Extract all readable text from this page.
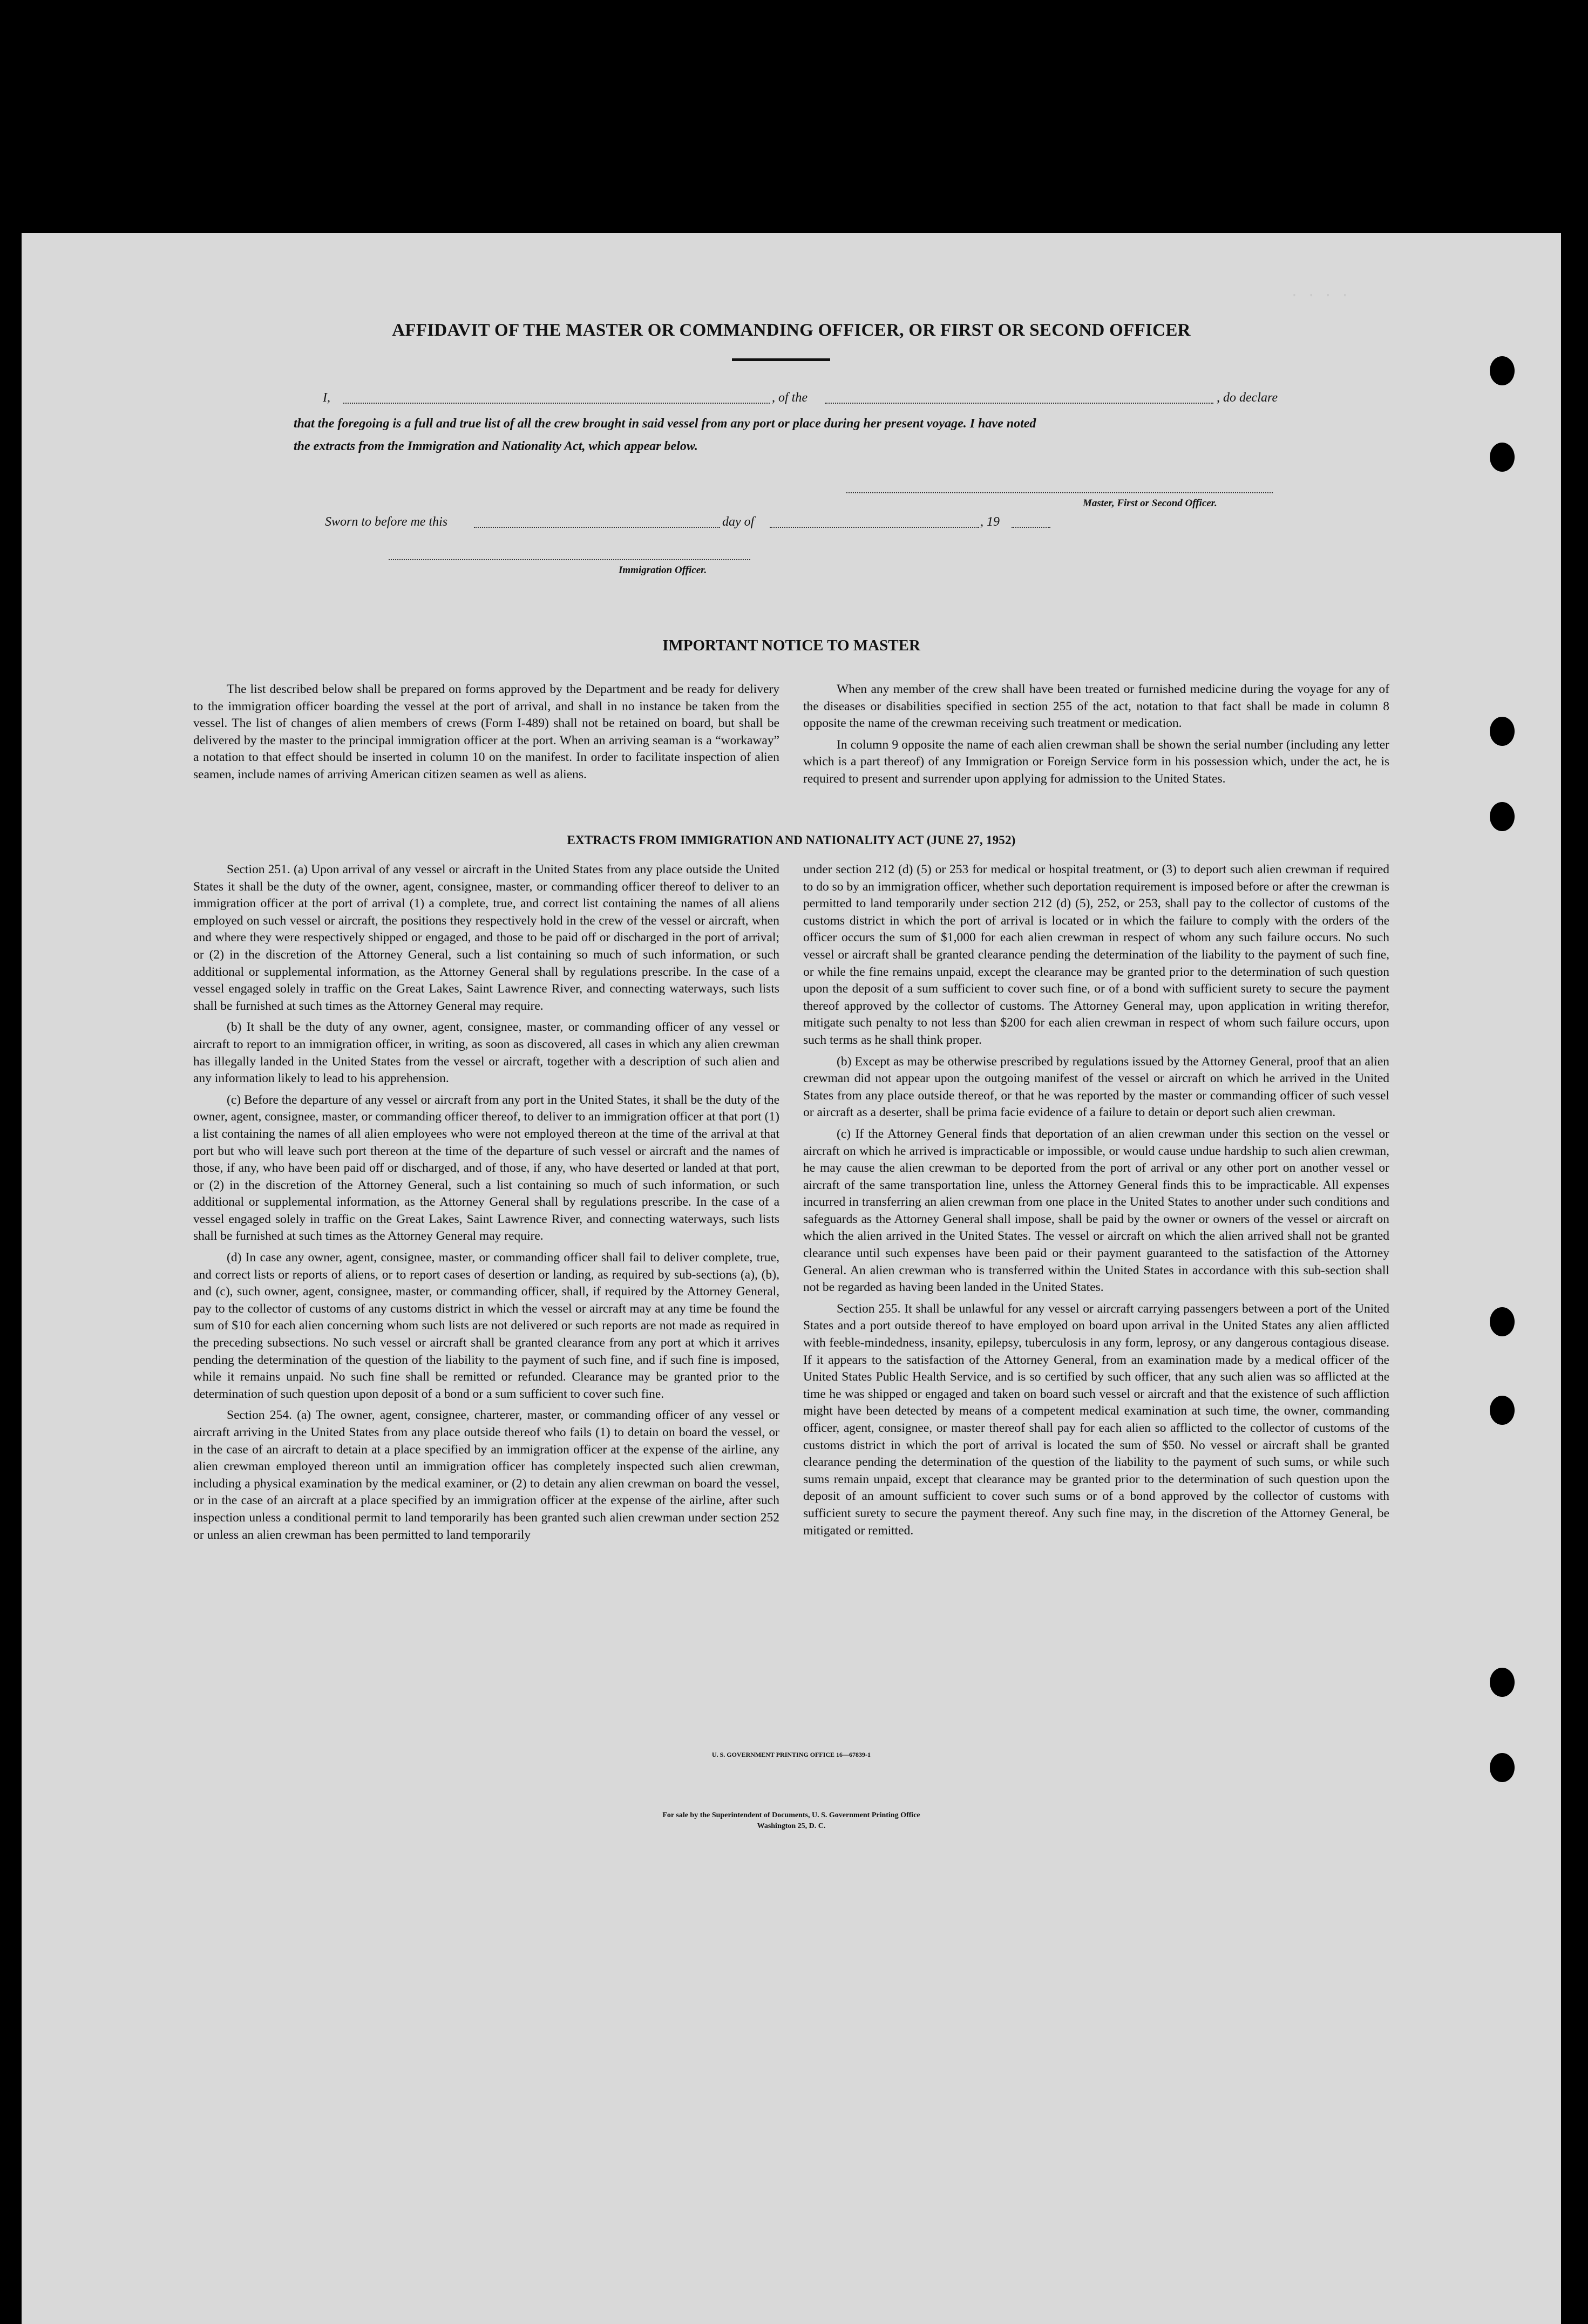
∙ ∙ ∙ ∙
AFFIDAVIT OF THE MASTER OR COMMANDING OFFICER, OR FIRST OR SECOND OFFICER
I,	, of the	, do declare
that the foregoing is a full and true list of all the crew brought in said vessel from any port or place during her present voyage. I have noted
the extracts from the Immigration and Nationality Act, which appear below.
Master, First or Second Officer.
Sworn to before me this	day of	, 19
Immigration Officer.
IMPORTANT NOTICE TO MASTER

The list described below shall be prepared on forms approved by the Department and be ready for delivery to the immigration officer boarding the vessel at the port of arrival, and shall in no instance be taken from the vessel. The list of changes of alien members of crews (Form I-489) shall not be retained on board, but shall be delivered by the master to the principal immigration officer at the port. When an arriving seaman is a “workaway” a notation to that effect should be inserted in column 10 on the manifest. In order to facilitate inspection of alien seamen, include names of arriving American citizen seamen as well as aliens.

When any member of the crew shall have been treated or furnished medicine during the voyage for any of the diseases or disabilities specified in section 255 of the act, notation to that fact shall be made in column 8 opposite the name of the crewman receiving such treatment or medication.

In column 9 opposite the name of each alien crewman shall be shown the serial number (including any letter which is a part thereof) of any Immigration or Foreign Service form in his possession which, under the act, he is required to present and surrender upon applying for admission to the United States.

EXTRACTS FROM IMMIGRATION AND NATIONALITY ACT (JUNE 27, 1952)

Section 251. (a) Upon arrival of any vessel or aircraft in the United States from any place outside the United States it shall be the duty of the owner, agent, consignee, master, or commanding officer thereof to deliver to an immigration officer at the port of arrival (1) a complete, true, and correct list containing the names of all aliens employed on such vessel or aircraft, the positions they respectively hold in the crew of the vessel or aircraft, when and where they were respectively shipped or engaged, and those to be paid off or discharged in the port of arrival; or (2) in the discretion of the Attorney General, such a list containing so much of such information, or such additional or supplemental information, as the Attorney General shall by regulations prescribe. In the case of a vessel engaged solely in traffic on the Great Lakes, Saint Lawrence River, and connecting waterways, such lists shall be furnished at such times as the Attorney General may require.

(b) It shall be the duty of any owner, agent, consignee, master, or commanding officer of any vessel or aircraft to report to an immigration officer, in writing, as soon as discovered, all cases in which any alien crewman has illegally landed in the United States from the vessel or aircraft, together with a description of such alien and any information likely to lead to his apprehension.

(c) Before the departure of any vessel or aircraft from any port in the United States, it shall be the duty of the owner, agent, consignee, master, or commanding officer thereof, to deliver to an immigration officer at that port (1) a list containing the names of all alien employees who were not employed thereon at the time of the arrival at that port but who will leave such port thereon at the time of the departure of such vessel or aircraft and the names of those, if any, who have been paid off or discharged, and of those, if any, who have deserted or landed at that port, or (2) in the discretion of the Attorney General, such a list containing so much of such information, or such additional or supplemental information, as the Attorney General shall by regulations prescribe. In the case of a vessel engaged solely in traffic on the Great Lakes, Saint Lawrence River, and connecting waterways, such lists shall be furnished at such times as the Attorney General may require.

(d) In case any owner, agent, consignee, master, or commanding officer shall fail to deliver complete, true, and correct lists or reports of aliens, or to report cases of desertion or landing, as required by sub-sections (a), (b), and (c), such owner, agent, consignee, master, or commanding officer, shall, if required by the Attorney General, pay to the collector of customs of any customs district in which the vessel or aircraft may at any time be found the sum of $10 for each alien concerning whom such lists are not delivered or such reports are not made as required in the preceding subsections. No such vessel or aircraft shall be granted clearance from any port at which it arrives pending the determination of the question of the liability to the payment of such fine, and if such fine is imposed, while it remains unpaid. No such fine shall be remitted or refunded. Clearance may be granted prior to the determination of such question upon deposit of a bond or a sum sufficient to cover such fine.

Section 254. (a) The owner, agent, consignee, charterer, master, or commanding officer of any vessel or aircraft arriving in the United States from any place outside thereof who fails (1) to detain on board the vessel, or in the case of an aircraft to detain at a place specified by an immigration officer at the expense of the airline, any alien crewman employed thereon until an immigration officer has completely inspected such alien crewman, including a physical examination by the medical examiner, or (2) to detain any alien crewman on board the vessel, or in the case of an aircraft at a place specified by an immigration officer at the expense of the airline, after such inspection unless a conditional permit to land temporarily has been granted such alien crewman under section 252 or unless an alien crewman has been permitted to land temporarily

under section 212 (d) (5) or 253 for medical or hospital treatment, or (3) to deport such alien crewman if required to do so by an immigration officer, whether such deportation requirement is imposed before or after the crewman is permitted to land temporarily under section 212 (d) (5), 252, or 253, shall pay to the collector of customs of the customs district in which the port of arrival is located or in which the failure to comply with the orders of the officer occurs the sum of $1,000 for each alien crewman in respect of whom any such failure occurs. No such vessel or aircraft shall be granted clearance pending the determination of the liability to the payment of such fine, or while the fine remains unpaid, except the clearance may be granted prior to the determination of such question upon the deposit of a sum sufficient to cover such fine, or of a bond with sufficient surety to secure the payment thereof approved by the collector of customs. The Attorney General may, upon application in writing therefor, mitigate such penalty to not less than $200 for each alien crewman in respect of whom such failure occurs, upon such terms as he shall think proper.

(b) Except as may be otherwise prescribed by regulations issued by the Attorney General, proof that an alien crewman did not appear upon the outgoing manifest of the vessel or aircraft on which he arrived in the United States from any place outside thereof, or that he was reported by the master or commanding officer of such vessel or aircraft as a deserter, shall be prima facie evidence of a failure to detain or deport such alien crewman.

(c) If the Attorney General finds that deportation of an alien crewman under this section on the vessel or aircraft on which he arrived is impracticable or impossible, or would cause undue hardship to such alien crewman, he may cause the alien crewman to be deported from the port of arrival or any other port on another vessel or aircraft of the same transportation line, unless the Attorney General finds this to be impracticable. All expenses incurred in transferring an alien crewman from one place in the United States to another under such conditions and safeguards as the Attorney General shall impose, shall be paid by the owner or owners of the vessel or aircraft on which the alien arrived in the United States. The vessel or aircraft on which the alien arrived shall not be granted clearance until such expenses have been paid or their payment guaranteed to the satisfaction of the Attorney General. An alien crewman who is transferred within the United States in accordance with this sub-section shall not be regarded as having been landed in the United States.

Section 255. It shall be unlawful for any vessel or aircraft carrying passengers between a port of the United States and a port outside thereof to have employed on board upon arrival in the United States any alien afflicted with feeble-mindedness, insanity, epilepsy, tuberculosis in any form, leprosy, or any dangerous contagious disease. If it appears to the satisfaction of the Attorney General, from an examination made by a medical officer of the United States Public Health Service, and is so certified by such officer, that any such alien was so afflicted at the time he was shipped or engaged and taken on board such vessel or aircraft and that the existence of such affliction might have been detected by means of a competent medical examination at such time, the owner, commanding officer, agent, consignee, or master thereof shall pay for each alien so afflicted to the collector of customs of the customs district in which the port of arrival is located the sum of $50. No vessel or aircraft shall be granted clearance pending the determination of the question of the liability to the payment of such sums, or while such sums remain unpaid, except that clearance may be granted prior to the determination of such question upon the deposit of an amount sufficient to cover such sums or of a bond approved by the collector of customs with sufficient surety to secure the payment thereof. Any such fine may, in the discretion of the Attorney General, be mitigated or remitted.

U. S. GOVERNMENT PRINTING OFFICE 16—67839-1
For sale by the Superintendent of Documents, U. S. Government Printing Office
Washington 25, D. C.
